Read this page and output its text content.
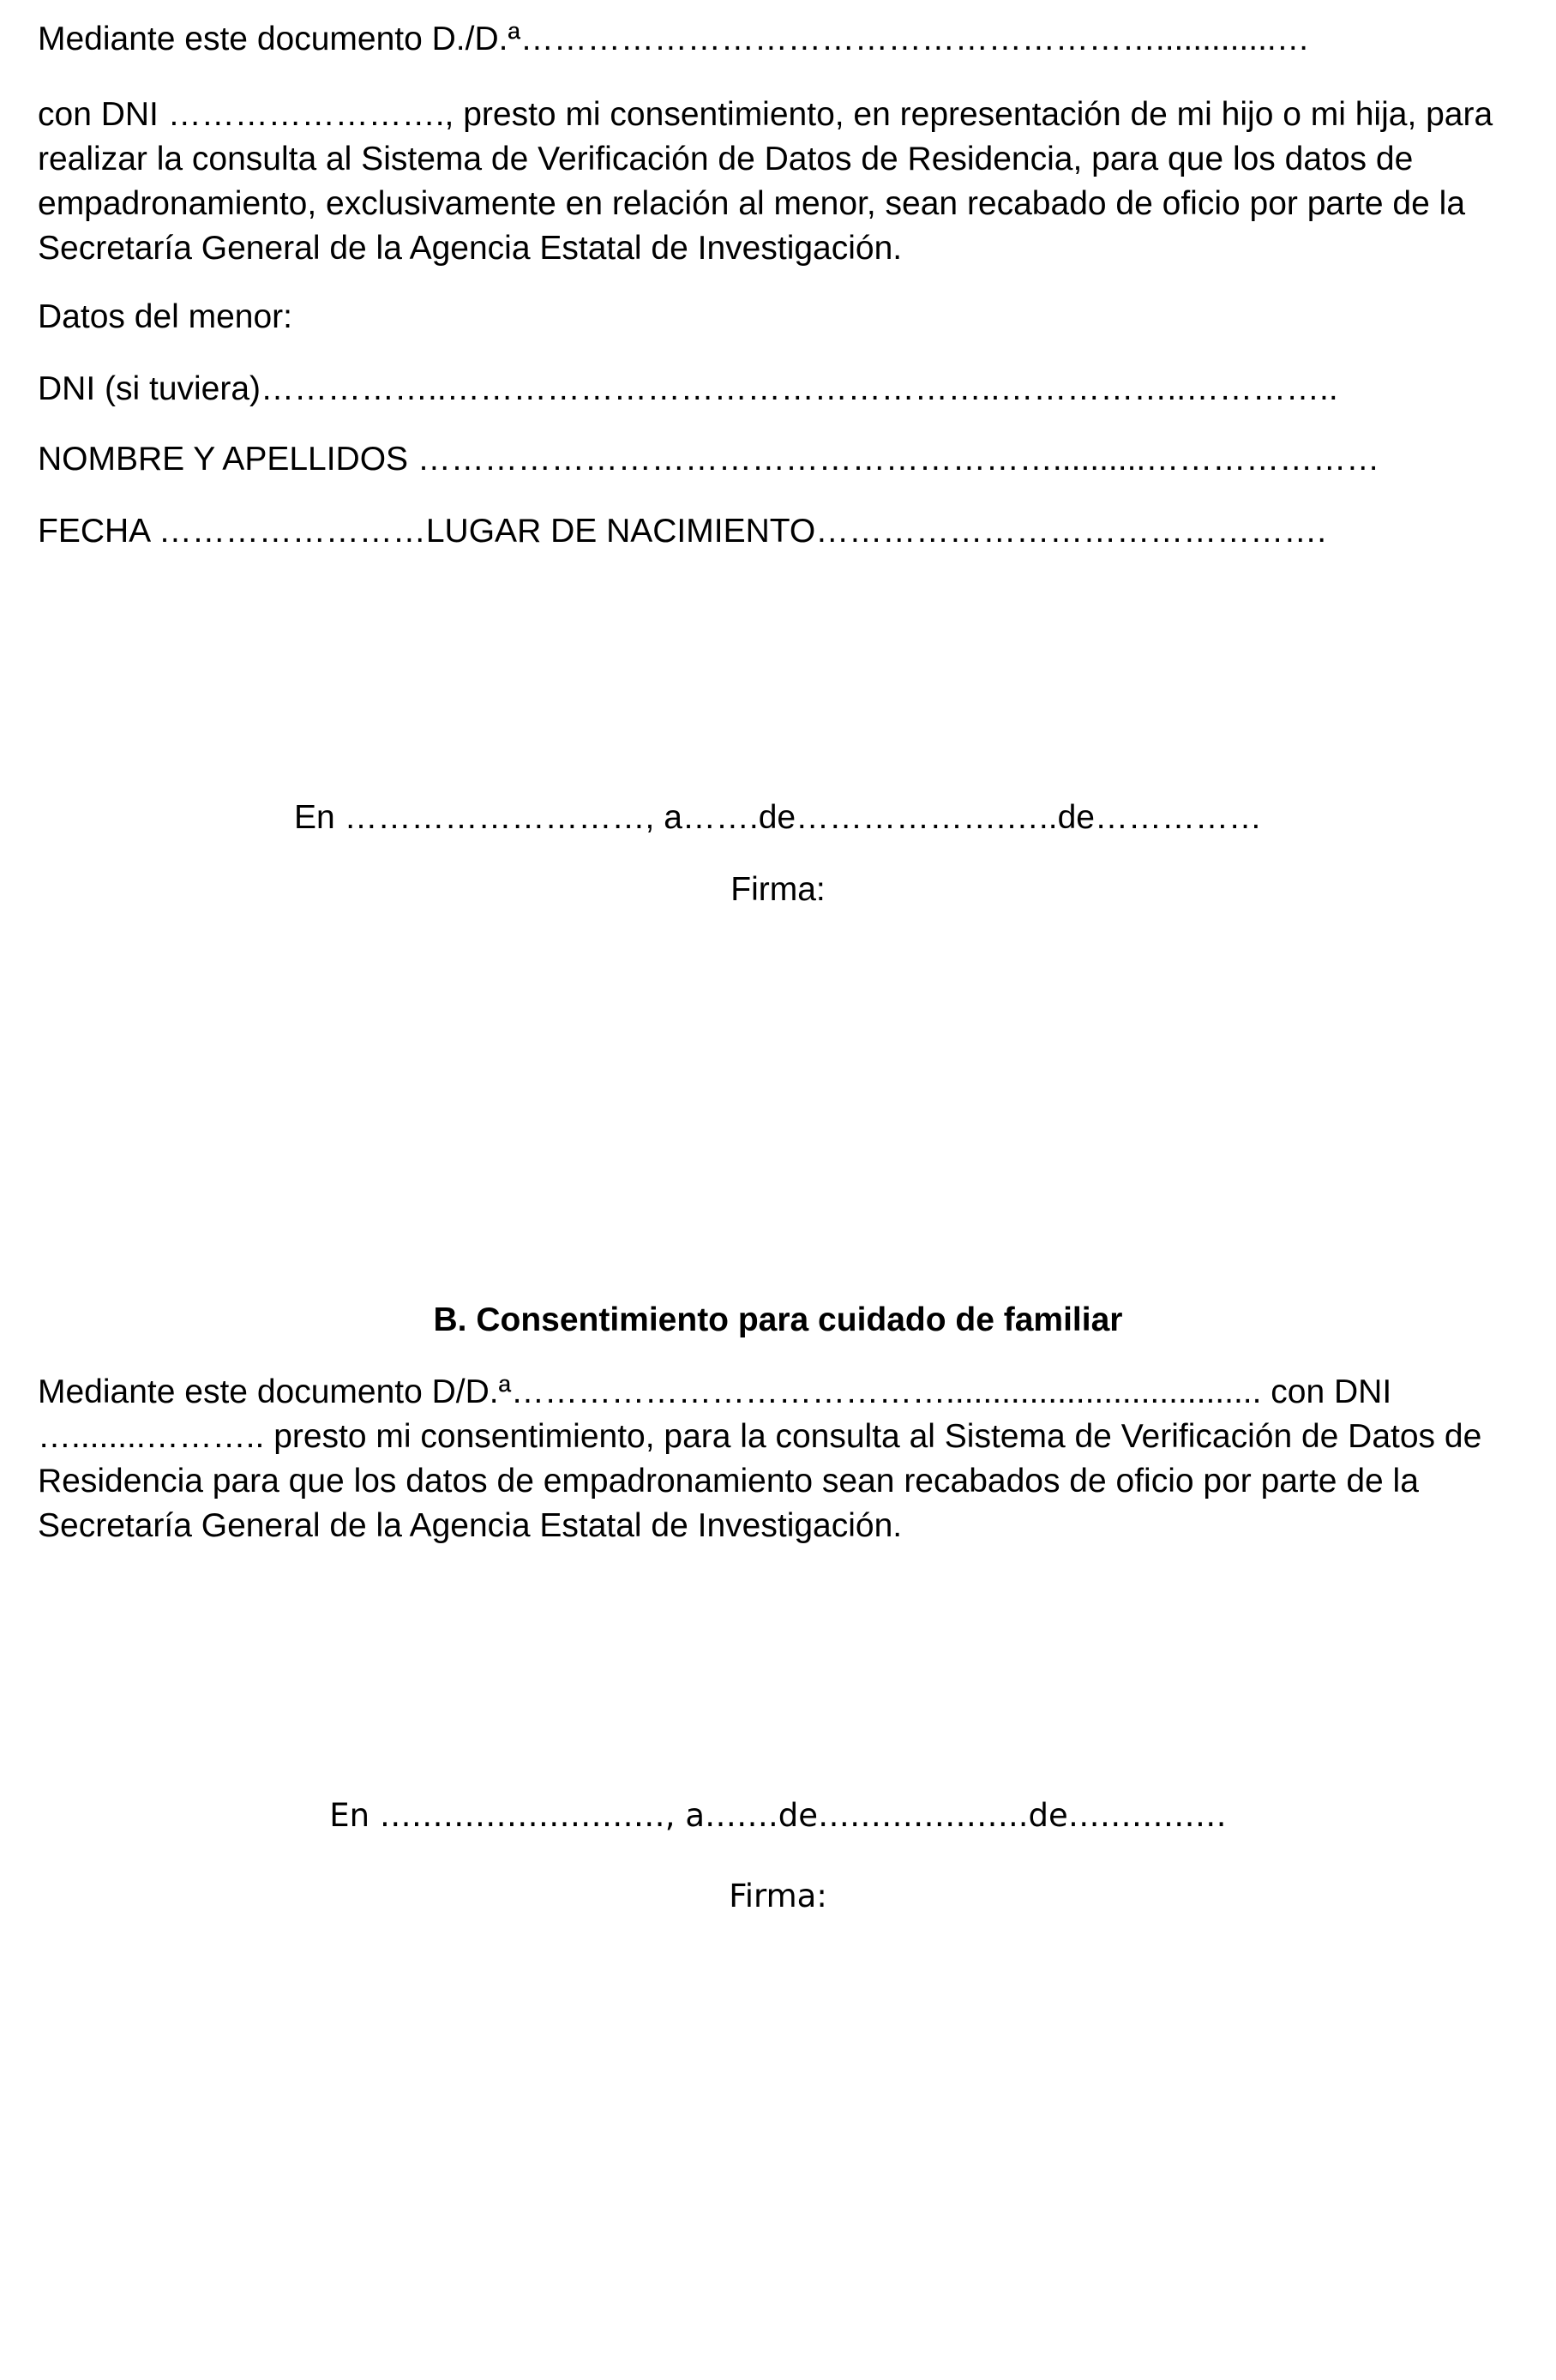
Mediante este documento D./D.ª………………………………………………….............…
con DNI ……………………., presto mi consentimiento, en representación de mi hijo o mi hija, para realizar la consulta al Sistema de Verificación de Datos de Residencia, para que los datos de empadronamiento, exclusivamente en relación al menor, sean recabado de oficio por parte de la Secretaría General de la Agencia Estatal de Investigación.
Datos del menor:
DNI (si tuviera)……………..…………………………………………..……………..…………..
NOMBRE Y APELLIDOS …………………………………………………..........…………………
FECHA ……………………LUGAR DE NACIMIENTO……………………………………….
En ………………………, a…….de……………….…..de……………
Firma:
B. Consentimiento para cuidado de familiar
Mediante este documento D/D.ª………………………………….................................. con DNI …........……….. presto mi consentimiento, para la consulta al Sistema de Verificación de Datos de Residencia para que los datos de empadronamiento sean recabados de oficio por parte de la Secretaría General de la Agencia Estatal de Investigación.
En ………………………, a…….de………………..de……………
Firma:
